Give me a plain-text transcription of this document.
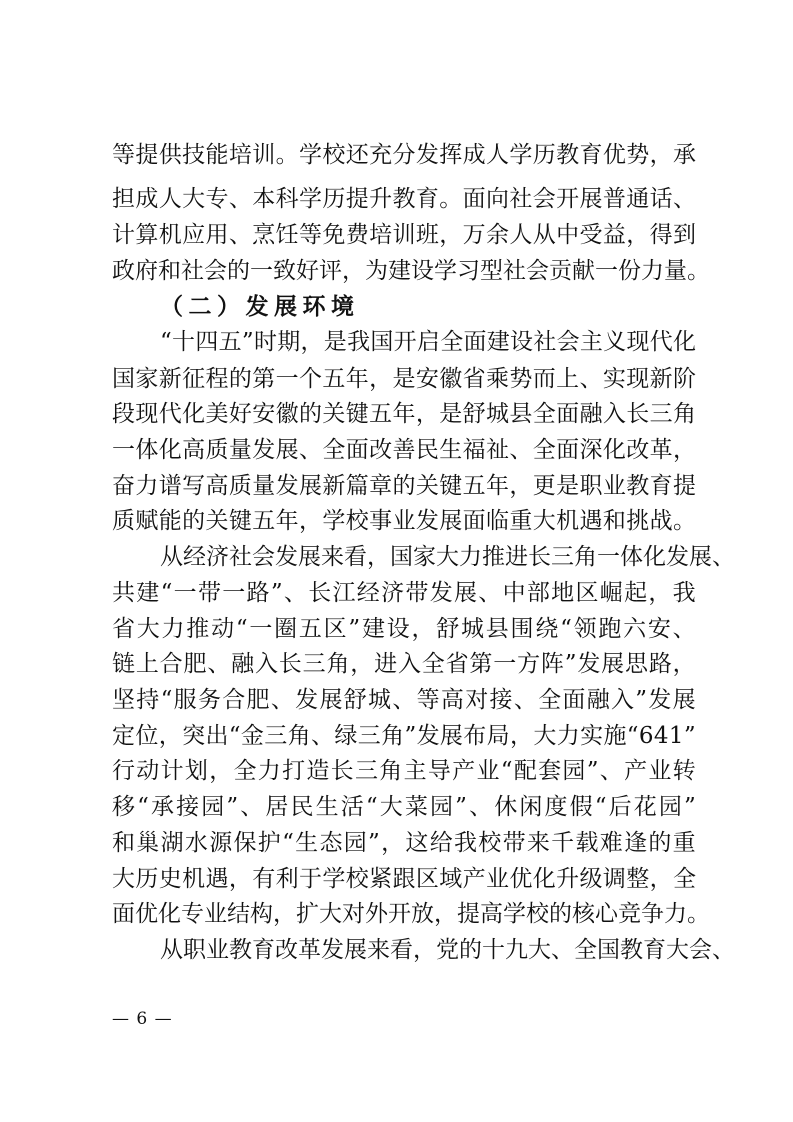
等 提 供 技 能 培 训 。 学 校 还 充 分 发 挥 成 人 学 历 教 育 优 势 ， 承
担 成 人 大 专 、 本 科 学 历 提 升 教 育 。 面 向 社 会 开 展 普 通 话 、
计 算 机 应 用 、 烹 饪 等 免 费 培 训 班 ， 万 余 人 从 中 受 益 ， 得 到
政 府 和 社 会 的 一 致 好 评 ， 为 建 设 学 习 型 社 会 贡 献 一 份 力 量 。
（二）发展环境
“ 十 四 五 ” 时 期 ， 是 我 国 开 启 全 面 建 设 社 会 主 义 现 代 化
国 家 新 征 程 的 第 一 个 五 年 ， 是 安 徽 省 乘 势 而 上 、 实 现 新 阶
段 现 代 化 美 好 安 徽 的 关 键 五 年 ， 是 舒 城 县 全 面 融 入 长 三 角
一 体 化 高 质 量 发 展 、 全 面 改 善 民 生 福 祉 、 全 面 深 化 改 革 ，
奋 力 谱 写 高 质 量 发 展 新 篇 章 的 关 键 五 年 ， 更 是 职 业 教 育 提
质 赋 能 的 关 键 五 年 ， 学 校 事 业 发 展 面 临 重 大 机 遇 和 挑 战 。
从 经 济 社 会 发 展 来 看 ， 国 家 大 力 推 进 长 三 角 一 体 化 发 展 、
共 建 “ 一 带 一 路 ” 、 长 江 经 济 带 发 展 、 中 部 地 区 崛 起 ， 我
省 大 力 推 动 “ 一 圈 五 区 ” 建 设 ， 舒 城 县 围 绕 “ 领 跑 六 安 、
链 上 合 肥 、 融 入 长 三 角 ， 进 入 全 省 第 一 方 阵 ” 发 展 思 路 ，
坚 持 “ 服 务 合 肥 、 发 展 舒 城 、 等 高 对 接 、 全 面 融 入 ” 发 展
定 位 ， 突 出 “ 金 三 角 、 绿 三 角 ” 发 展 布 局 ， 大 力 实 施 “ 6 4 1 ”
行 动 计 划 ， 全 力 打 造 长 三 角 主 导 产 业 “ 配 套 园 ” 、 产 业 转
移 “ 承 接 园 ” 、 居 民 生 活 “ 大 菜 园 ” 、 休 闲 度 假 “ 后 花 园 ”
和 巢 湖 水 源 保 护 “ 生 态 园 ” ， 这 给 我 校 带 来 千 载 难 逢 的 重
大 历 史 机 遇 ， 有 利 于 学 校 紧 跟 区 域 产 业 优 化 升 级 调 整 ， 全
面 优 化 专 业 结 构 ， 扩 大 对 外 开 放 ， 提 高 学 校 的 核 心 竞 争 力 。
从 职 业 教 育 改 革 发 展 来 看 ， 党 的 十 九 大 、 全 国 教 育 大 会 、
— 6 —
